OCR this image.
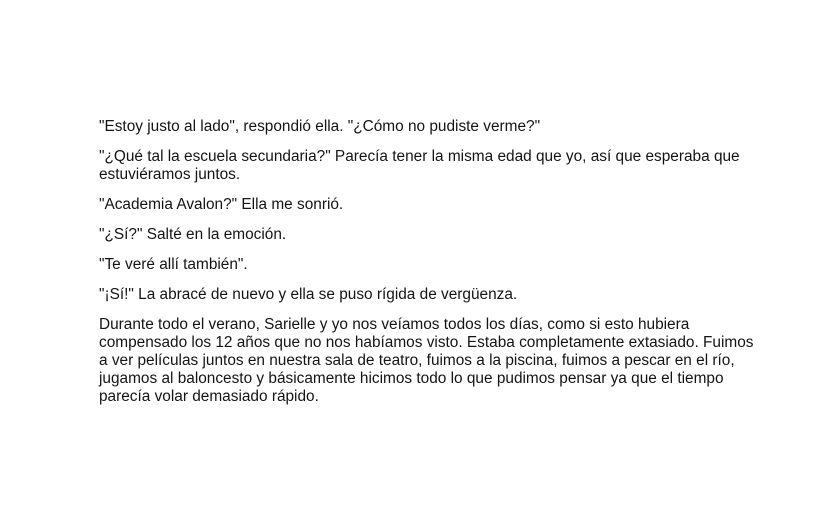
"Estoy justo al lado", respondió ella. "¿Cómo no pudiste verme?"

"¿Qué tal la escuela secundaria?" Parecía tener la misma edad que yo, así que esperaba que estuviéramos juntos.

"Academia Avalon?" Ella me sonrió.

"¿Sí?" Salté en la emoción.

"Te veré allí también".

"¡Sí!" La abracé de nuevo y ella se puso rígida de vergüenza.

Durante todo el verano, Sarielle y yo nos veíamos todos los días, como si esto hubiera compensado los 12 años que no nos habíamos visto. Estaba completamente extasiado. Fuimos a ver películas juntos en nuestra sala de teatro, fuimos a la piscina, fuimos a pescar en el río, jugamos al baloncesto y básicamente hicimos todo lo que pudimos pensar ya que el tiempo parecía volar demasiado rápido.
